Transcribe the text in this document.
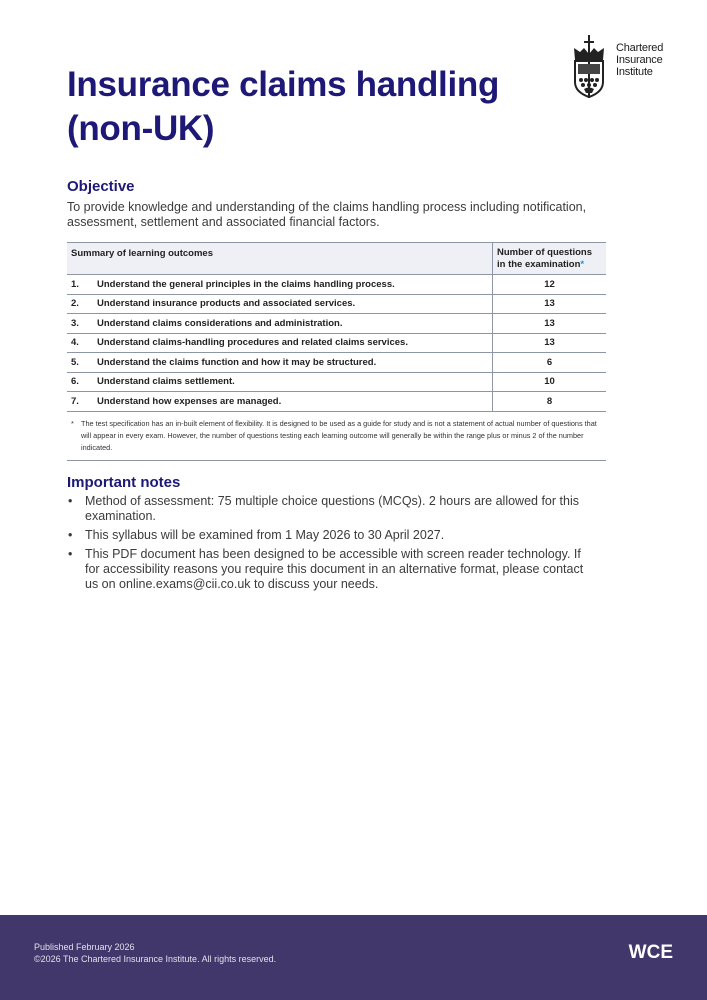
Chartered
Insurance
Institute
Insurance claims handling (non-UK)
Objective

To provide knowledge and understanding of the claims handling process including notification, assessment, settlement and associated financial factors.

Summary of learning outcomes	Number of questions
in the examination*
1.	Understand the general principles in the claims handling process.	12
2.	Understand insurance products and associated services.	13
3.	Understand claims considerations and administration.	13
4.	Understand claims-handling procedures and related claims services.	13
5.	Understand the claims function and how it may be structured.	6
6.	Understand claims settlement.	10
7.	Understand how expenses are managed.	8
* The test specification has an in-built element of flexibility. It is designed to be used as a guide for study and is not a statement of actual number of questions that will appear in every exam. However, the number of questions testing each learning outcome will generally be within the range plus or minus 2 of the number indicated.
Important notes
•	Method of assessment: 75 multiple choice questions (MCQs). 2 hours are allowed for this examination.
•	This syllabus will be examined from 1 May 2026 to 30 April 2027.
•	This PDF document has been designed to be accessible with screen reader technology. If for accessibility reasons you require this document in an alternative format, please contact us on online.exams@cii.co.uk to discuss your needs.
Published February 2026
©2026 The Chartered Insurance Institute. All rights reserved.	WCE
